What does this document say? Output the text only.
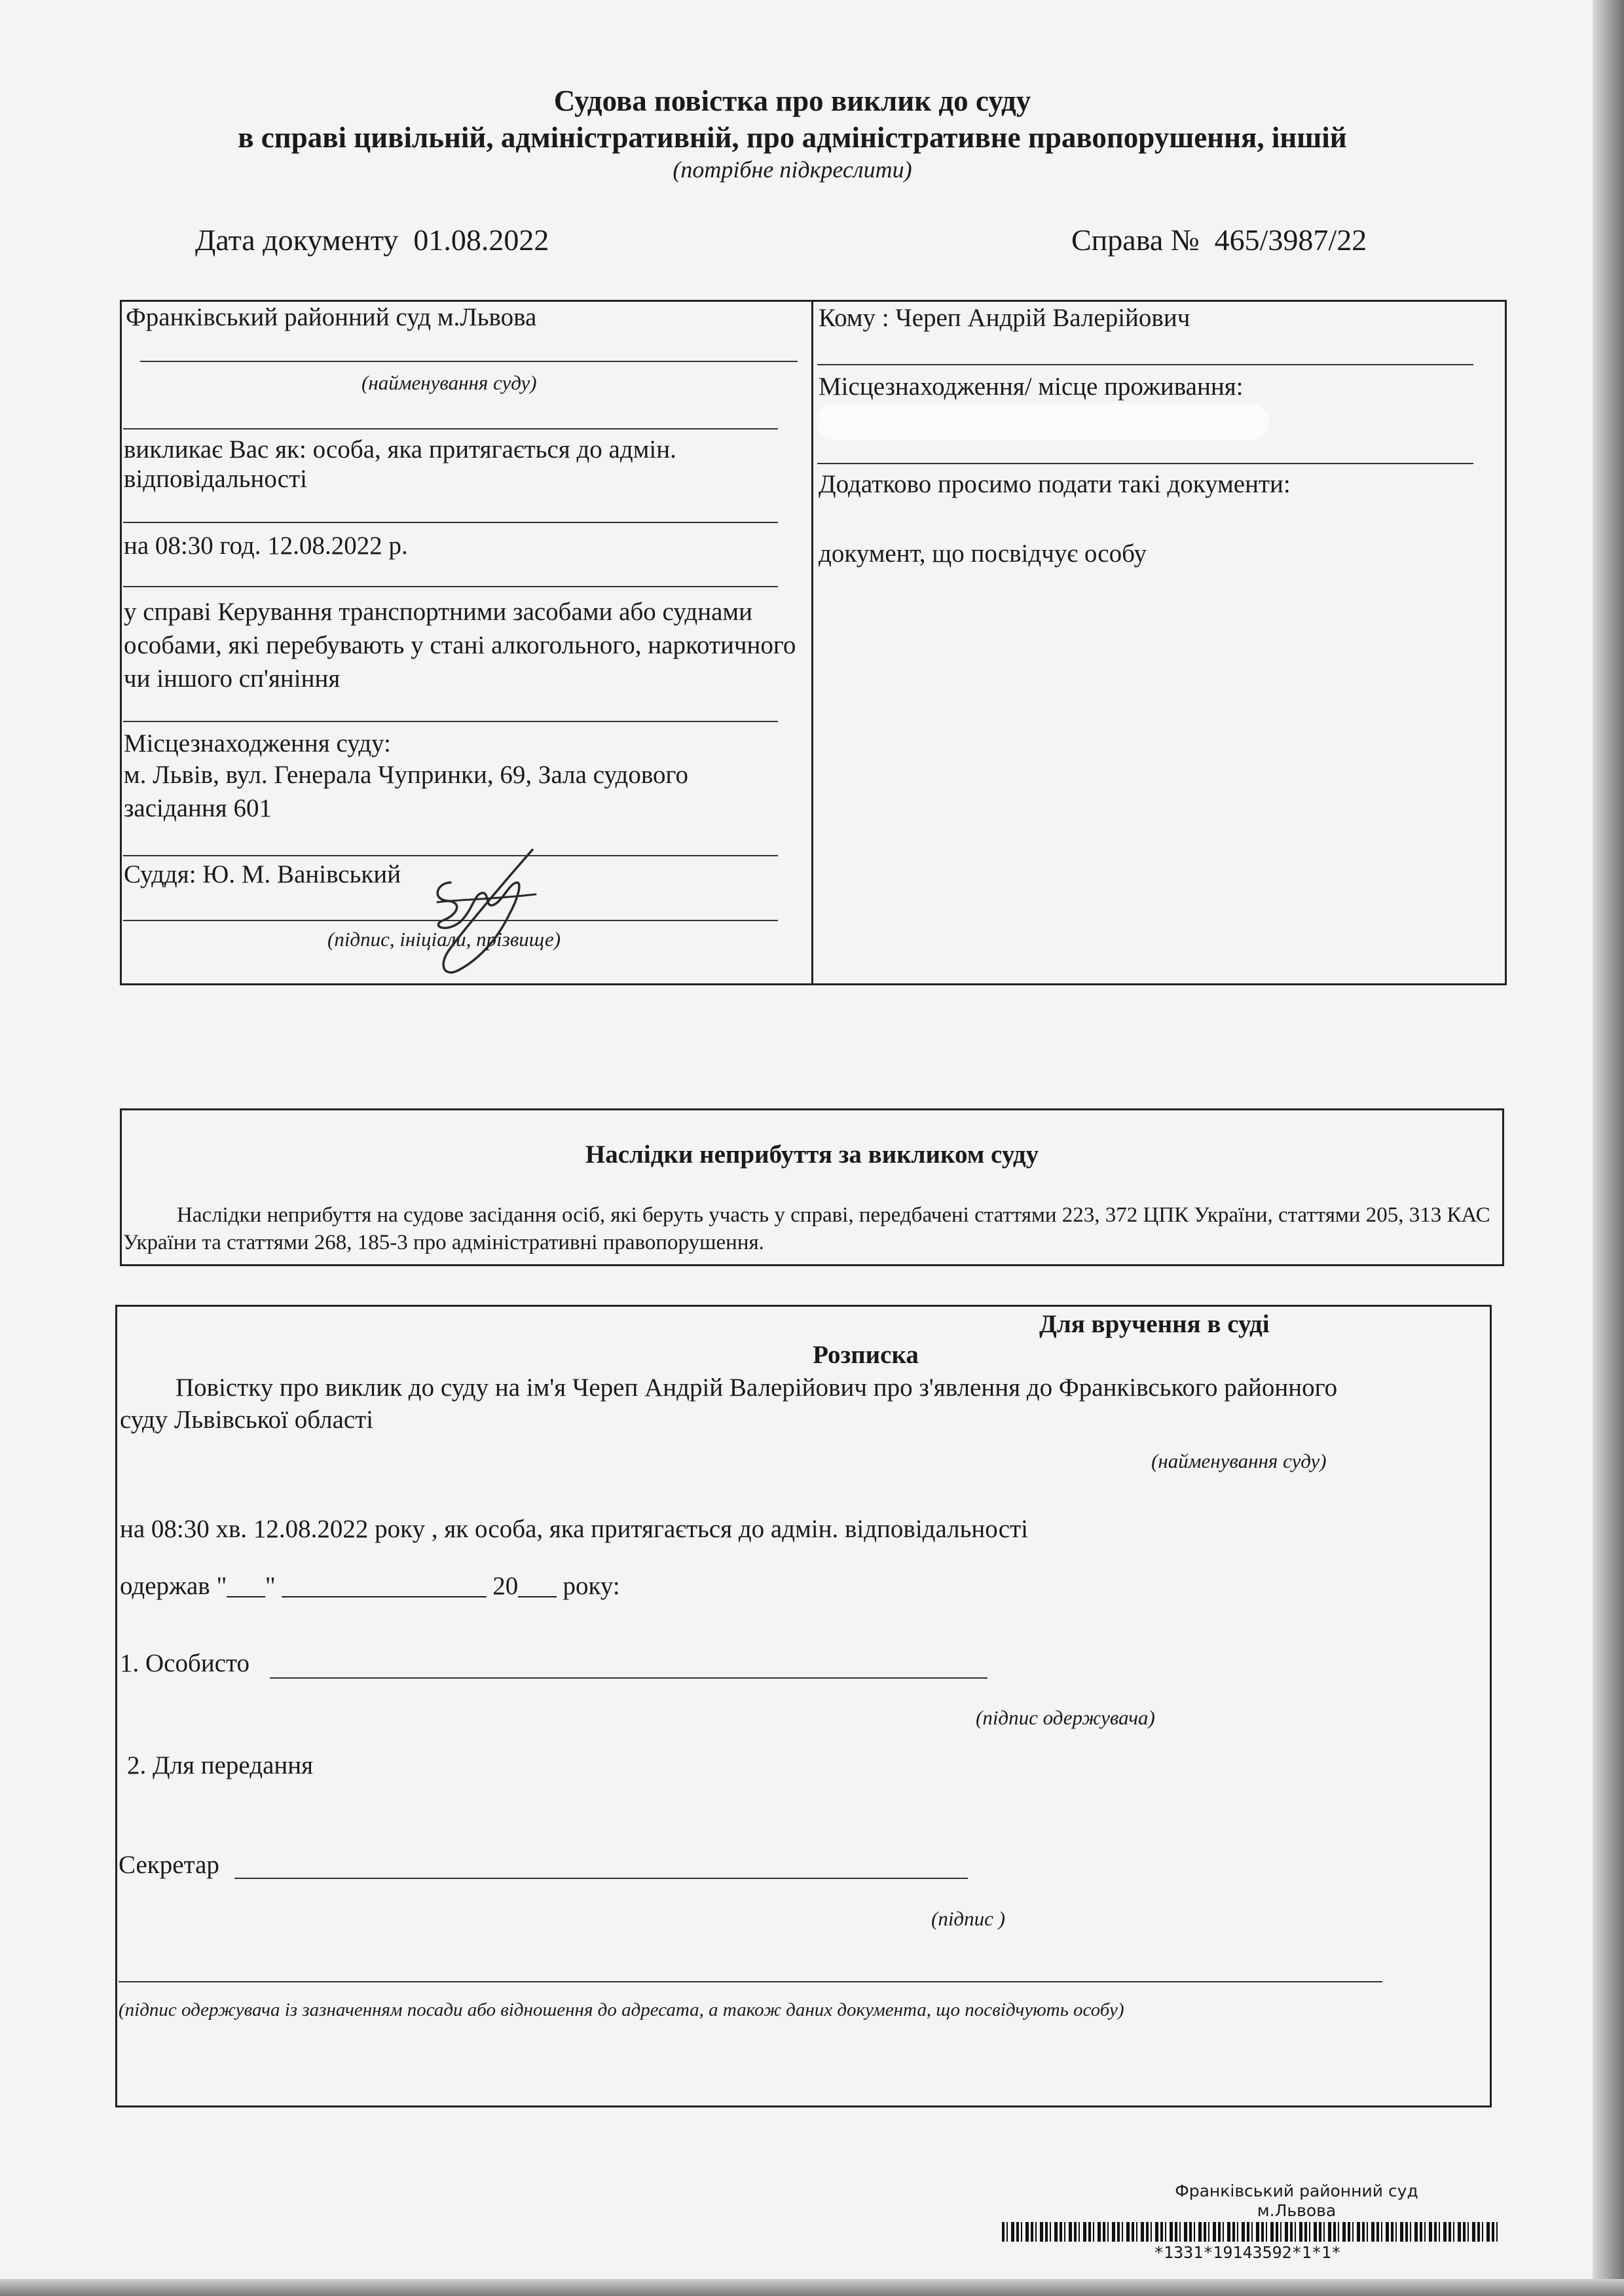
Судова повістка про виклик до суду
в справі цивільній, адміністративній, про адміністративне правопорушення, іншій
(потрібне підкреслити)
Дата документу 01.08.2022	Справа № 465/3987/22
Франківський районний суд м.Львова
(найменування суду)
викликає Вас як: особа, яка притягається до адмін.
відповідальності
на 08:30 год. 12.08.2022 р.
у справі Керування транспортними засобами або суднами особами, які перебувають у стані алкогольного, наркотичного чи іншого сп'яніння
Місцезнаходження суду:
м. Львів, вул. Генерала Чупринки, 69, Зала судового засідання 601
Суддя: Ю. М. Ванівський
(підпис, ініціали, прізвище)
Кому : Череп Андрій Валерійович
Місцезнаходження/ місце проживання:
Додатково просимо подати такі документи:
документ, що посвідчує особу
Наслідки неприбуття за викликом суду
Наслідки неприбуття на судове засідання осіб, які беруть участь у справі, передбачені статтями 223, 372 ЦПК України, статтями 205, 313 КАС України та статтями 268, 185-3 про адміністративні правопорушення.
Для вручення в суді
Розписка
Повістку про виклик до суду на ім'я Череп Андрій Валерійович про з'явлення до Франківського районного
суду Львівської області
(найменування суду)
на 08:30 хв. 12.08.2022 року , як особа, яка притягається до адмін. відповідальності
одержав "___" ________________ 20___ року:
1. Особисто
(підпис одержувача)
2. Для передання
Секретар
(підпис )
(підпис одержувача із зазначенням посади або відношення до адресата, а також даних документа, що посвідчують особу)
Франківський районний суд
м.Львова
*1331*19143592*1*1*
